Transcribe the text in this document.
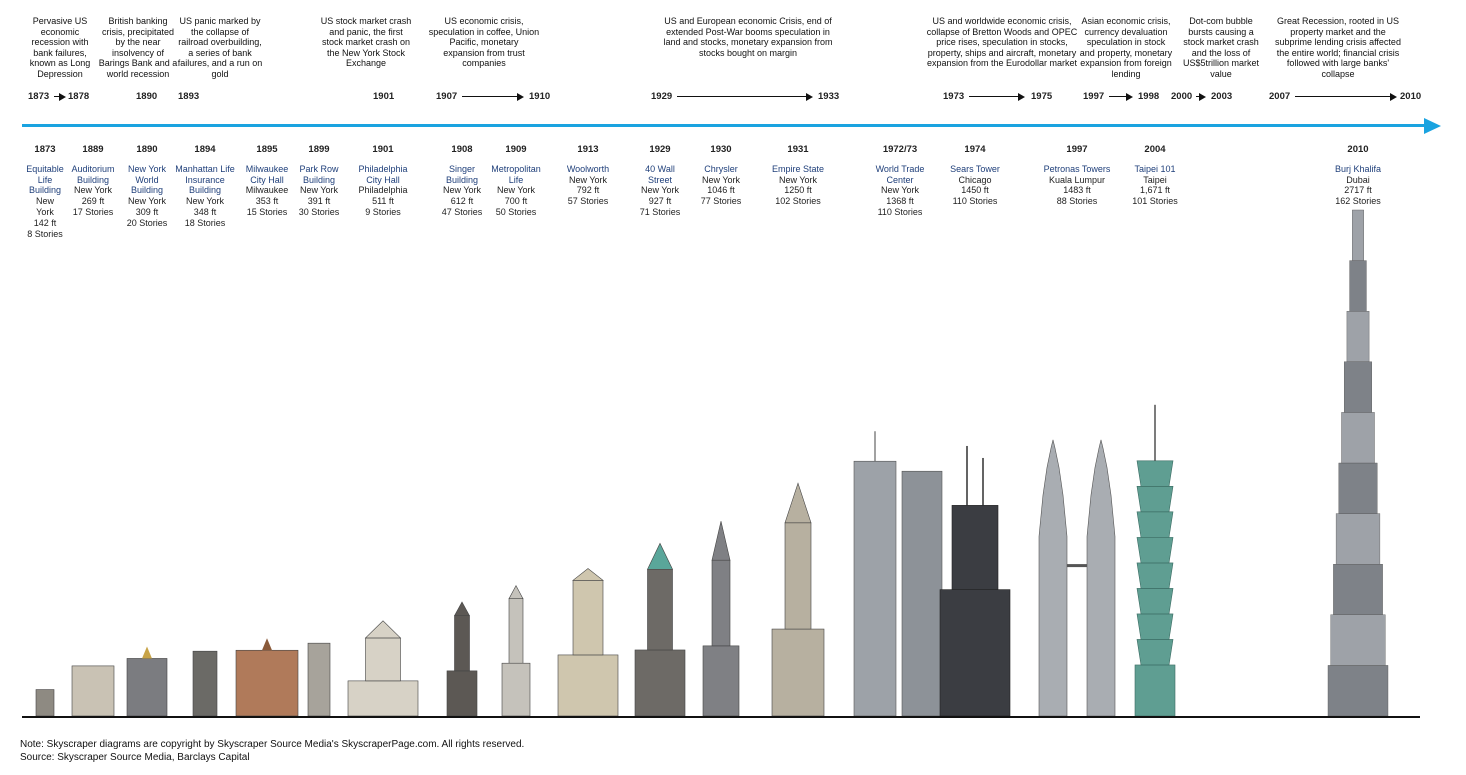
Pervasive US economic recession with bank failures, known as Long Depression
British banking crisis, precipitated by the near insolvency of Barings Bank and a world recession
US panic marked by the collapse of railroad overbuilding, a series of bank failures, and a run on gold
US stock market crash and panic, the first stock market crash on the New York Stock Exchange
US economic crisis, speculation in coffee, Union Pacific, monetary expansion from trust companies
US and European economic Crisis, end of extended Post-War booms speculation in land and stocks, monetary expansion from stocks bought on margin
US and worldwide economic crisis, collapse of Bretton Woods and OPEC price rises, speculation in stocks, property, ships and aircraft, monetary expansion from the Eurodollar market
Asian economic crisis, currency devaluation speculation in stock and property, monetary expansion from foreign lending
Dot-com bubble bursts causing a stock market crash and the loss of US$5trillion market value
Great Recession, rooted in US property market and the subprime lending crisis affected the entire world; financial crisis followed with large banks' collapse
1873 1878	1890 1893	1901	1907	1910	1929	1933	1973	1975	1997	1998 2000 2003	2007	2010
1873
Equitable Life Building
New York
142 ft
8 Stories
1889
Auditorium Building
New York
269 ft
17 Stories
1890
New York World Building
New York
309 ft
20 Stories
1894
Manhattan Life Insurance Building
New York
348 ft
18 Stories
1895
Milwaukee City Hall
Milwaukee
353 ft
15 Stories
1899
Park Row Building
New York
391 ft
30 Stories
1901
Philadelphia City Hall
Philadelphia
511 ft
9 Stories
1908
Singer Building
New York
612 ft
47 Stories
1909
Metropolitan Life
New York
700 ft
50 Stories
1913
Woolworth
New York
792 ft
57 Stories
1929
40 Wall Street
New York
927 ft
71 Stories
1930
Chrysler
New York
1046 ft
77 Stories
1931
Empire State
New York
1250 ft
102 Stories
1972/73
World Trade Center
New York
1368 ft
110 Stories
1974
Sears Tower
Chicago
1450 ft
110 Stories
1997
Petronas Towers
Kuala Lumpur
1483 ft
88 Stories
2004
Taipei 101
Taipei
1,671 ft
101 Stories
2010
Burj Khalifa
Dubai
2717 ft
162 Stories
Note: Skyscraper diagrams are copyright by Skyscraper Source Media's SkyscraperPage.com. All rights reserved.
Source: Skyscraper Source Media, Barclays Capital
